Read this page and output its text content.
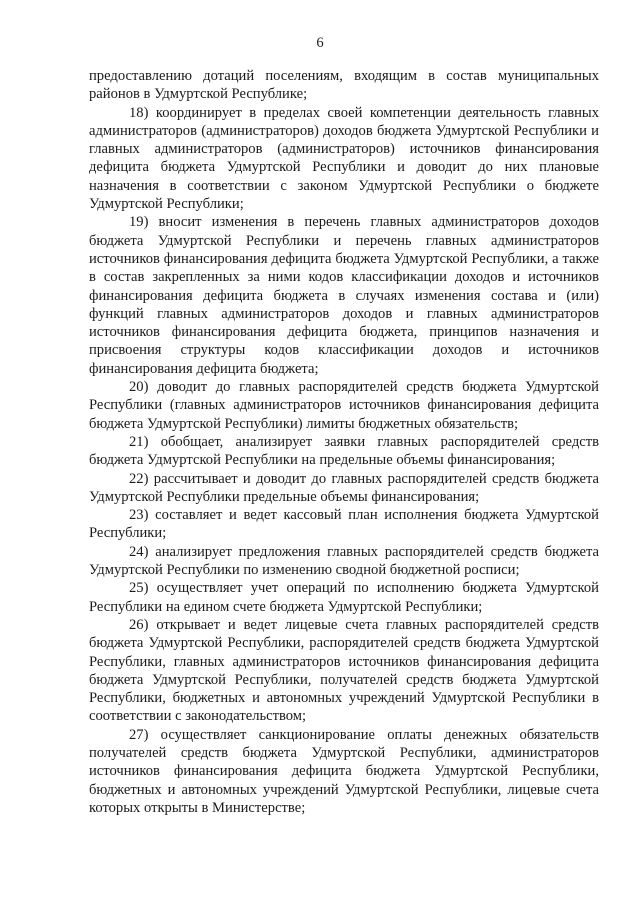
6

предоставлению дотаций поселениям, входящим в состав муниципальных районов в Удмуртской Республике;

18) координирует в пределах своей компетенции деятельность главных администраторов (администраторов) доходов бюджета Удмуртской Республики и главных администраторов (администраторов) источников финансирования дефицита бюджета Удмуртской Республики и доводит до них плановые назначения в соответствии с законом Удмуртской Республики о бюджете Удмуртской Республики;

19) вносит изменения в перечень главных администраторов доходов бюджета Удмуртской Республики и перечень главных администраторов источников финансирования дефицита бюджета Удмуртской Республики, а также в состав закрепленных за ними кодов классификации доходов и источников финансирования дефицита бюджета в случаях изменения состава и (или) функций главных администраторов доходов и главных администраторов источников финансирования дефицита бюджета, принципов назначения и присвоения структуры кодов классификации доходов и источников финансирования дефицита бюджета;

20) доводит до главных распорядителей средств бюджета Удмуртской Республики (главных администраторов источников финансирования дефицита бюджета Удмуртской Республики) лимиты бюджетных обязательств;

21) обобщает, анализирует заявки главных распорядителей средств бюджета Удмуртской Республики на предельные объемы финансирования;

22) рассчитывает и доводит до главных распорядителей средств бюджета Удмуртской Республики предельные объемы финансирования;

23) составляет и ведет кассовый план исполнения бюджета Удмуртской Республики;

24) анализирует предложения главных распорядителей средств бюджета Удмуртской Республики по изменению сводной бюджетной росписи;

25) осуществляет учет операций по исполнению бюджета Удмуртской Республики на едином счете бюджета Удмуртской Республики;

26) открывает и ведет лицевые счета главных распорядителей средств бюджета Удмуртской Республики, распорядителей средств бюджета Удмуртской Республики, главных администраторов источников финансирования дефицита бюджета Удмуртской Республики, получателей средств бюджета Удмуртской Республики, бюджетных и автономных учреждений Удмуртской Республики в соответствии с законодательством;

27) осуществляет санкционирование оплаты денежных обязательств получателей средств бюджета Удмуртской Республики, администраторов источников финансирования дефицита бюджета Удмуртской Республики, бюджетных и автономных учреждений Удмуртской Республики, лицевые счета которых открыты в Министерстве;
